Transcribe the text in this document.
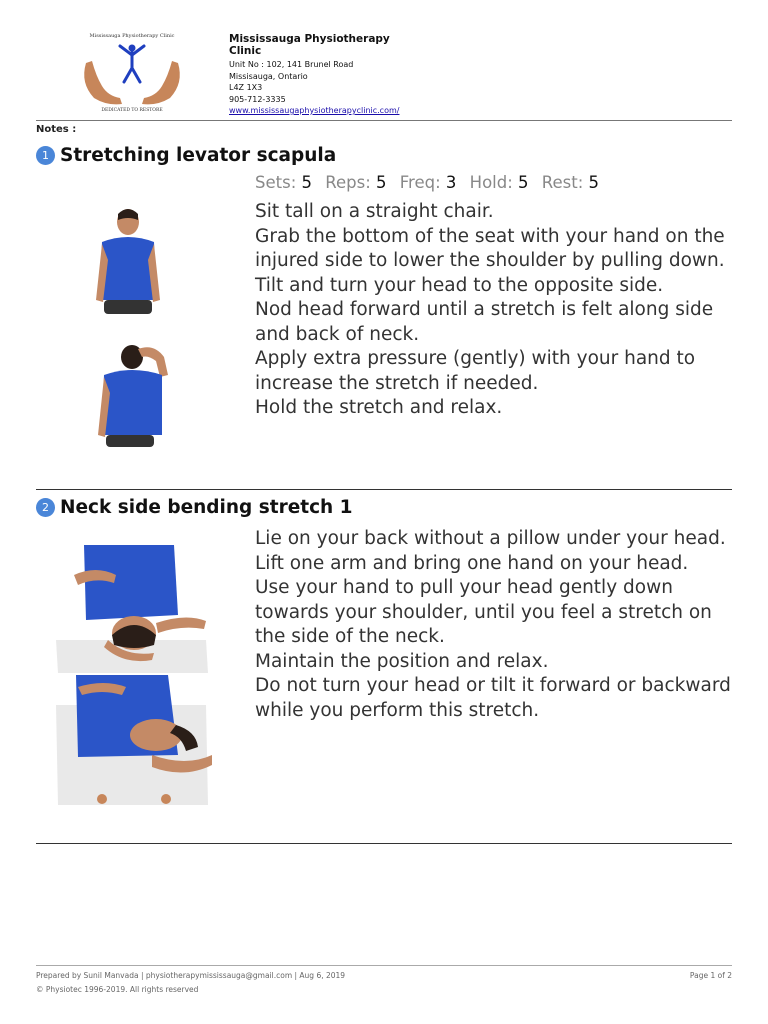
Mississauga Physiotherapy Clinic
DEDICATED TO RESTORE
Mississauga Physiotherapy Clinic
Unit No : 102, 141 Brunel Road
Missisauga, Ontario
L4Z 1X3
905-712-3335
www.mississaugaphysiotherapyclinic.com/
Notes :
1 Stretching levator scapula
Sets: 5 Reps: 5 Freq: 3 Hold: 5 Rest: 5
Sit tall on a straight chair.
Grab the bottom of the seat with your hand on the injured side to lower the shoulder by pulling down.
Tilt and turn your head to the opposite side.
Nod head forward until a stretch is felt along side and back of neck.
Apply extra pressure (gently) with your hand to increase the stretch if needed.
Hold the stretch and relax.
2 Neck side bending stretch 1
Lie on your back without a pillow under your head.
Lift one arm and bring one hand on your head.
Use your hand to pull your head gently down towards your shoulder, until you feel a stretch on the side of the neck.
Maintain the position and relax.
Do not turn your head or tilt it forward or backward while you perform this stretch.
Prepared by Sunil Manvada | physiotherapymississauga@gmail.com | Aug 6, 2019
© Physiotec 1996-2019. All rights reserved
Page 1 of 2
